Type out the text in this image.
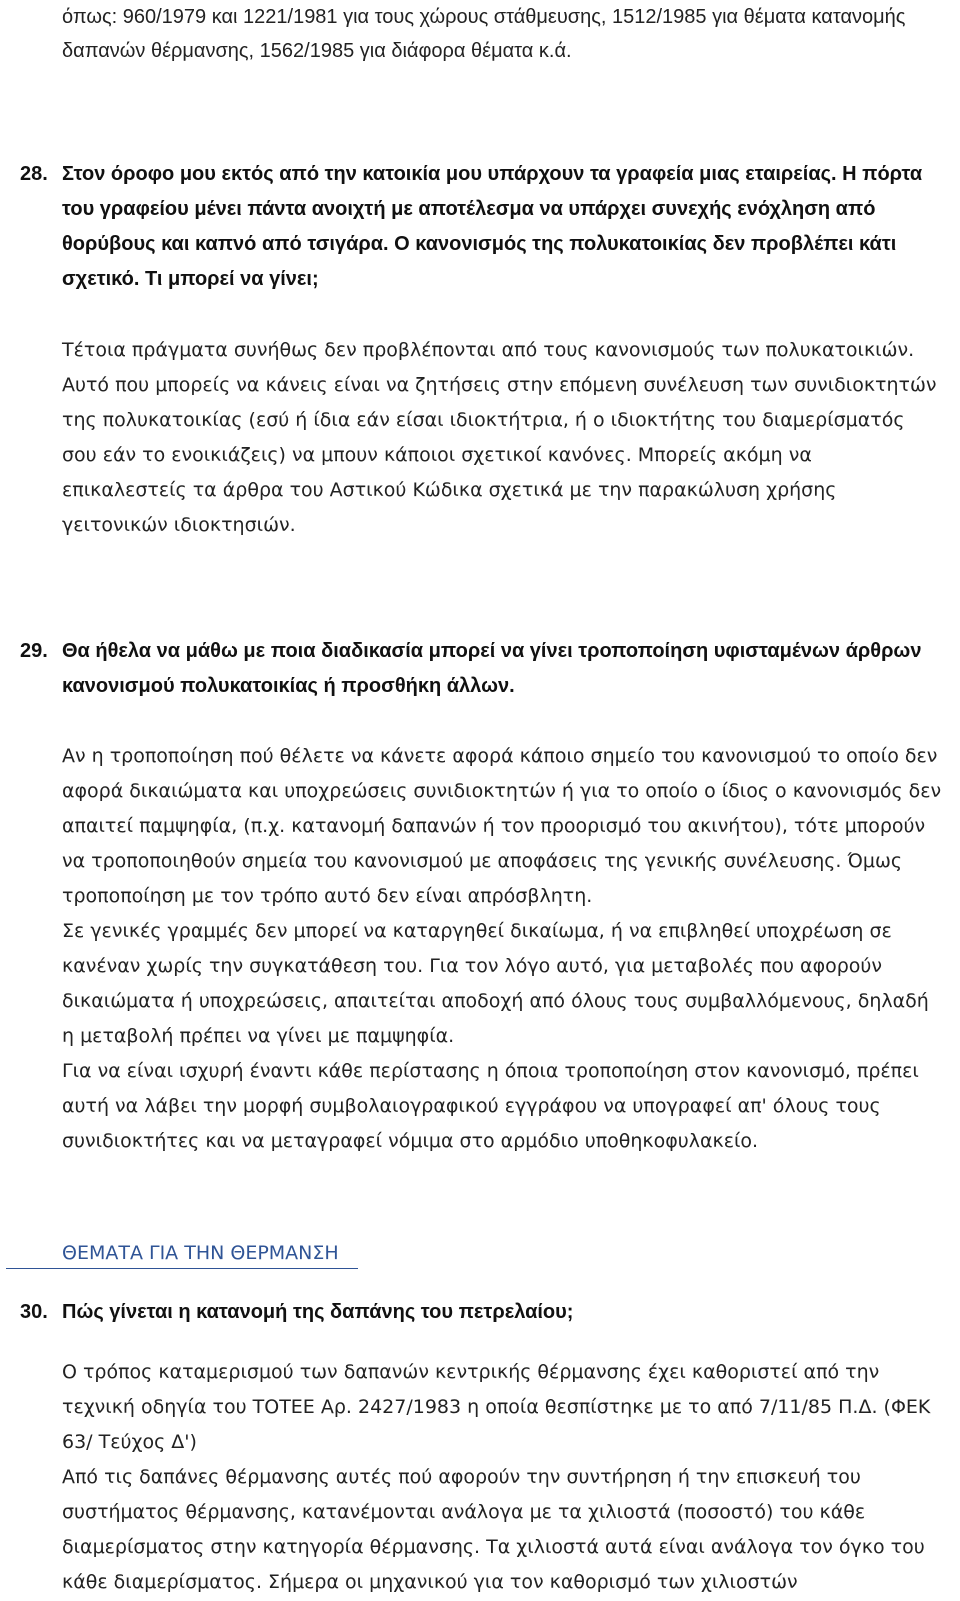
όπως: 960/1979 και 1221/1981 για τους χώρους στάθμευσης, 1512/1985 για θέματα κατανομής δαπανών θέρμανσης, 1562/1985 για διάφορα θέματα κ.ά.
28. Στον όροφο μου εκτός από την κατοικία μου υπάρχουν τα γραφεία μιας εταιρείας. Η πόρτα του γραφείου μένει πάντα ανοιχτή με αποτέλεσμα να υπάρχει συνεχής ενόχληση από θορύβους και καπνό από τσιγάρα. Ο κανονισμός της πολυκατοικίας δεν προβλέπει κάτι σχετικό. Τι μπορεί να γίνει;
Τέτοια πράγματα συνήθως δεν προβλέπονται από τους κανονισμούς των πολυκατοικιών. Αυτό που μπορείς να κάνεις είναι να ζητήσεις στην επόμενη συνέλευση των συνιδιοκτητών της πολυκατοικίας (εσύ ή ίδια εάν είσαι ιδιοκτήτρια, ή ο ιδιοκτήτης του διαμερίσματός σου εάν το ενοικιάζεις) να μπουν κάποιοι σχετικοί κανόνες. Μπορείς ακόμη να επικαλεστείς τα άρθρα του Αστικού Κώδικα σχετικά με την παρακώλυση χρήσης γειτονικών ιδιοκτησιών.
29. Θα ήθελα να μάθω με ποια διαδικασία μπορεί να γίνει τροποποίηση υφισταμένων άρθρων κανονισμού πολυκατοικίας ή προσθήκη άλλων.
Αν η τροποποίηση πού θέλετε να κάνετε αφορά κάποιο σημείο του κανονισμού το οποίο δεν αφορά δικαιώματα και υποχρεώσεις συνιδιοκτητών ή για το οποίο ο ίδιος ο κανονισμός δεν απαιτεί παμψηφία, (π.χ. κατανομή δαπανών ή τον προορισμό του ακινήτου), τότε μπορούν να τροποποιηθούν σημεία του κανονισμού με αποφάσεις της γενικής συνέλευσης. Όμως τροποποίηση με τον τρόπο αυτό δεν είναι απρόσβλητη.
Σε γενικές γραμμές δεν μπορεί να καταργηθεί δικαίωμα, ή να επιβληθεί υποχρέωση σε κανέναν χωρίς την συγκατάθεση του. Για τον λόγο αυτό, για μεταβολές που αφορούν δικαιώματα ή υποχρεώσεις, απαιτείται αποδοχή από όλους τους συμβαλλόμενους, δηλαδή η μεταβολή πρέπει να γίνει με παμψηφία.
Για να είναι ισχυρή έναντι κάθε περίστασης η όποια τροποποίηση στον κανονισμό, πρέπει αυτή να λάβει την μορφή συμβολαιογραφικού εγγράφου να υπογραφεί απ' όλους τους συνιδιοκτήτες και να μεταγραφεί νόμιμα στο αρμόδιο υποθηκοφυλακείο.
ΘΕΜΑΤΑ ΓΙΑ ΤΗΝ ΘΕΡΜΑΝΣΗ
30. Πώς γίνεται η κατανομή της δαπάνης του πετρελαίου;
Ο τρόπος καταμερισμού των δαπανών κεντρικής θέρμανσης έχει καθοριστεί από την τεχνική οδηγία του ΤΟΤΕΕ Αρ. 2427/1983 η οποία θεσπίστηκε με το από 7/11/85 Π.Δ. (ΦΕΚ 63/ Τεύχος Δ')
Από τις δαπάνες θέρμανσης αυτές πού αφορούν την συντήρηση ή την επισκευή του συστήματος θέρμανσης, κατανέμονται ανάλογα με τα χιλιοστά (ποσοστό) του κάθε διαμερίσματος στην κατηγορία θέρμανσης. Τα χιλιοστά αυτά είναι ανάλογα τον όγκο του κάθε διαμερίσματος. Σήμερα οι μηχανικού για τον καθορισμό των χιλιοστών
